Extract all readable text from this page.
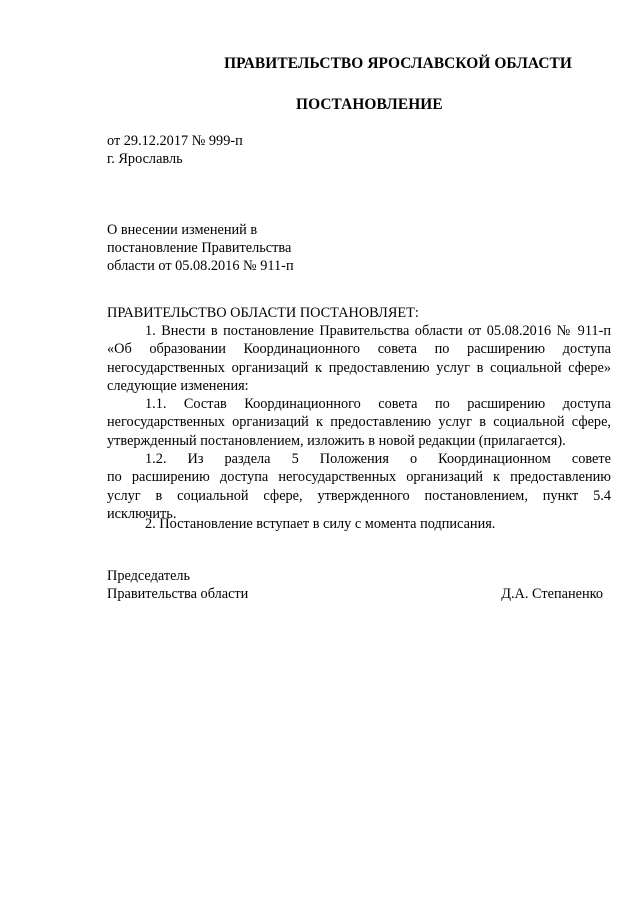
ПРАВИТЕЛЬСТВО ЯРОСЛАВСКОЙ ОБЛАСТИ
ПОСТАНОВЛЕНИЕ
от 29.12.2017 № 999-п
г. Ярославль
О внесении изменений в
постановление Правительства
области от 05.08.2016 № 911-п
ПРАВИТЕЛЬСТВО ОБЛАСТИ ПОСТАНОВЛЯЕТ:
1. Внести в постановление Правительства области от 05.08.2016 № 911-п
«Об образовании Координационного совета по расширению доступа
негосударственных организаций к предоставлению услуг в социальной сфере»
следующие изменения:
1.1. Состав Координационного совета по расширению доступа
негосударственных организаций к предоставлению услуг в социальной сфере,
утвержденный постановлением, изложить в новой редакции (прилагается).
1.2. Из раздела 5 Положения о Координационном совете
по расширению доступа негосударственных организаций к предоставлению
услуг в социальной сфере, утвержденного постановлением, пункт 5.4
исключить.
2. Постановление вступает в силу с момента подписания.
Председатель
Правительства области	Д.А. Степаненко
